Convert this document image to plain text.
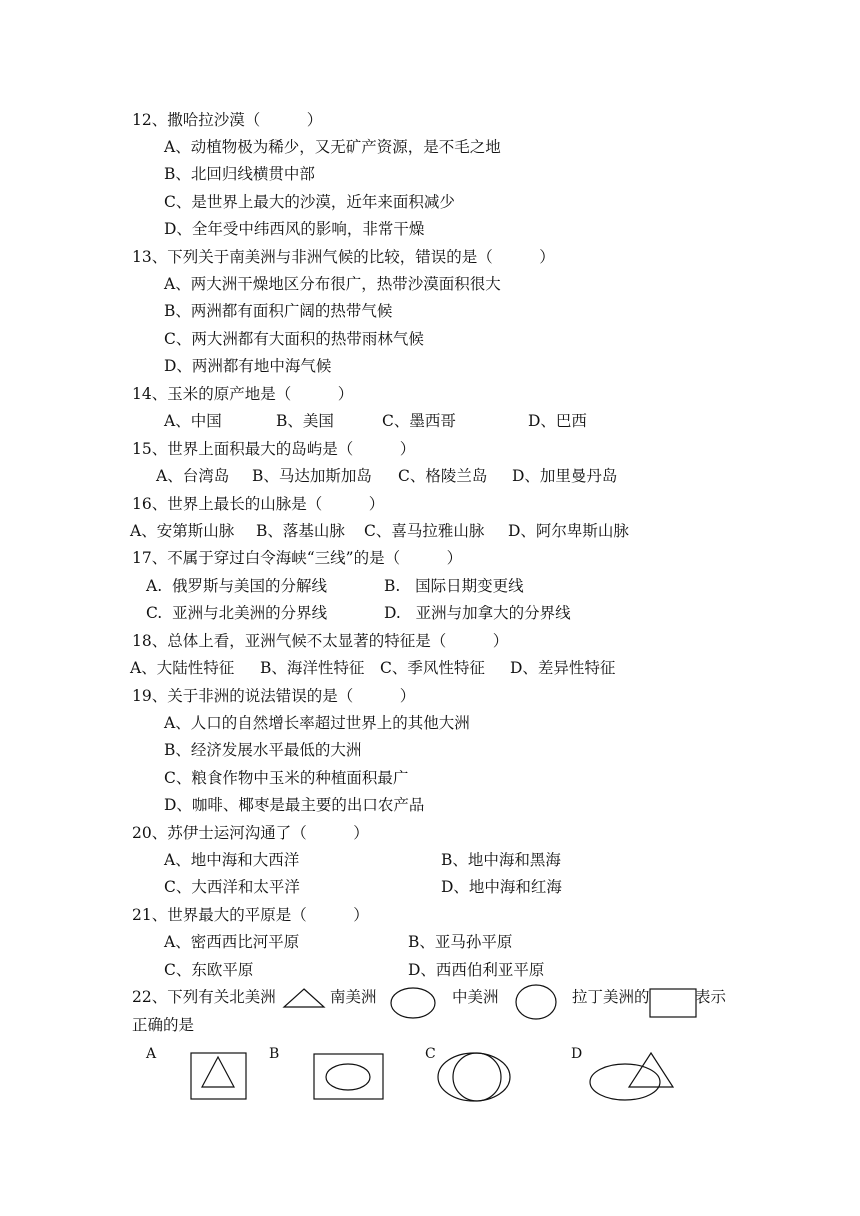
12、撒哈拉沙漠（　　　）
A、动植物极为稀少，又无矿产资源，是不毛之地
B、北回归线横贯中部
C、是世界上最大的沙漠，近年来面积减少
D、全年受中纬西风的影响，非常干燥
13、下列关于南美洲与非洲气候的比较，错误的是（　　　）
A、两大洲干燥地区分布很广，热带沙漠面积很大
B、两洲都有面积广阔的热带气候
C、两大洲都有大面积的热带雨林气候
D、两洲都有地中海气候
14、玉米的原产地是（　　　）
A、中国	B、美国	C、墨西哥	D、巴西
15、世界上面积最大的岛屿是（　　　）
A、台湾岛 B、马达加斯加岛 C、格陵兰岛 D、加里曼丹岛
16、世界上最长的山脉是（　　　）
A、安第斯山脉 B、落基山脉 C、喜马拉雅山脉 D、阿尔卑斯山脉
17、不属于穿过白令海峡“三线”的是（　　　）
A.  俄罗斯与美国的分解线	B.   国际日期变更线
C.  亚洲与北美洲的分界线	D.   亚洲与加拿大的分界线
18、总体上看，亚洲气候不太显著的特征是（　　　）
A、大陆性特征 B、海洋性特征 C、季风性特征 D、差异性特征
19、关于非洲的说法错误的是（　　　）
A、人口的自然增长率超过世界上的其他大洲
B、经济发展水平最低的大洲
C、粮食作物中玉米的种植面积最广
D、咖啡、椰枣是最主要的出口农产品
20、苏伊士运河沟通了（　　　）
A、地中海和大西洋	B、地中海和黑海
C、大西洋和太平洋	D、地中海和红海
21、世界最大的平原是（　　　）
A、密西西比河平原	B、亚马孙平原
C、东欧平原	D、西西伯利亚平原
22、下列有关北美洲	南美洲	中美洲	拉丁美洲的	表示
正确的是
A	B	C	D
